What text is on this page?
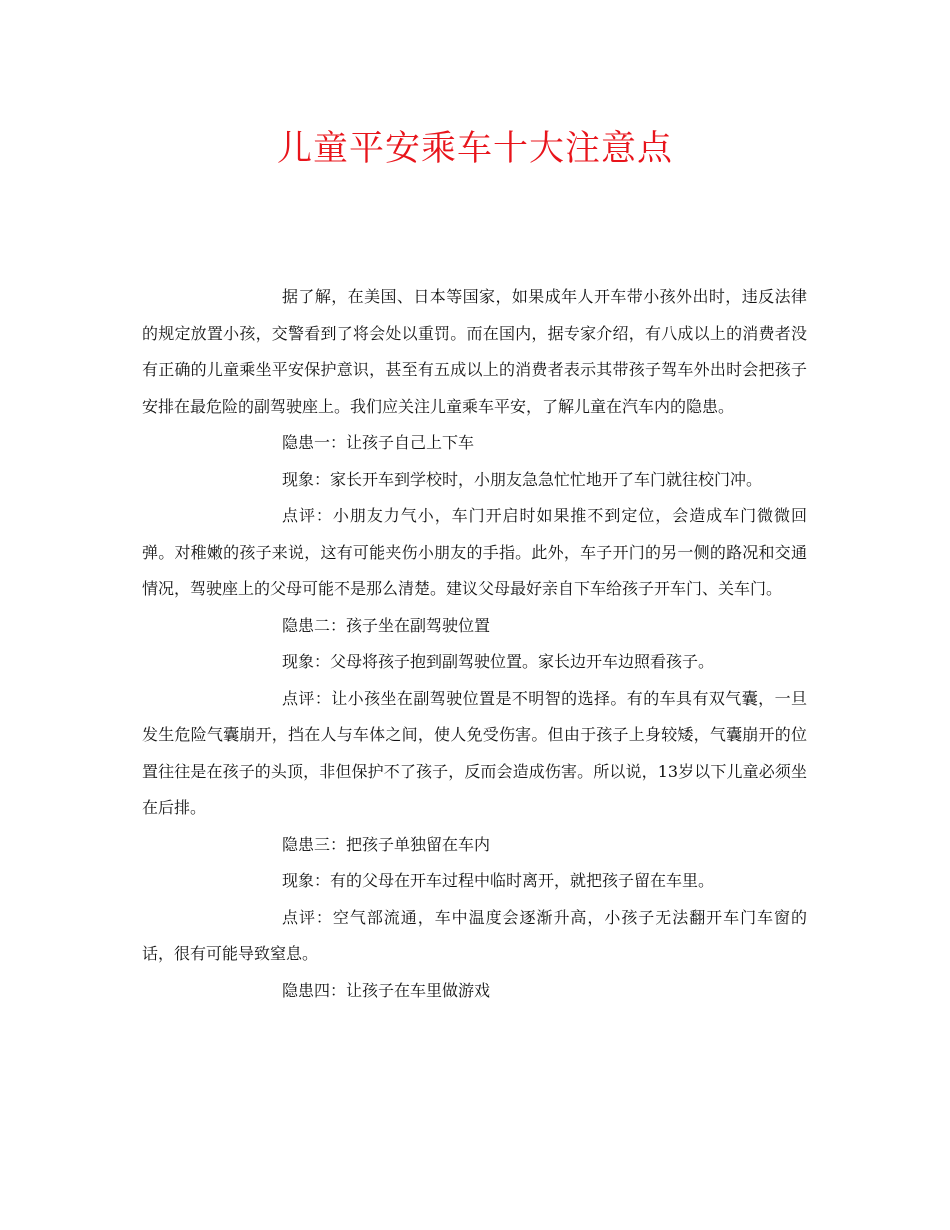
儿童平安乘车十大注意点

据了解，在美国、日本等国家，如果成年人开车带小孩外出时，违反法律的规定放置小孩，交警看到了将会处以重罚。而在国内，据专家介绍，有八成以上的消费者没有正确的儿童乘坐平安保护意识，甚至有五成以上的消费者表示其带孩子驾车外出时会把孩子安排在最危险的副驾驶座上。我们应关注儿童乘车平安，了解儿童在汽车内的隐患。

隐患一：让孩子自己上下车

现象：家长开车到学校时，小朋友急急忙忙地开了车门就往校门冲。

点评：小朋友力气小，车门开启时如果推不到定位，会造成车门微微回弹。对稚嫩的孩子来说，这有可能夹伤小朋友的手指。此外，车子开门的另一侧的路况和交通情况，驾驶座上的父母可能不是那么清楚。建议父母最好亲自下车给孩子开车门、关车门。

隐患二：孩子坐在副驾驶位置

现象：父母将孩子抱到副驾驶位置。家长边开车边照看孩子。

点评：让小孩坐在副驾驶位置是不明智的选择。有的车具有双气囊，一旦发生危险气囊崩开，挡在人与车体之间，使人免受伤害。但由于孩子上身较矮，气囊崩开的位置往往是在孩子的头顶，非但保护不了孩子，反而会造成伤害。所以说，13岁以下儿童必须坐在后排。

隐患三：把孩子单独留在车内

现象：有的父母在开车过程中临时离开，就把孩子留在车里。

点评：空气部流通，车中温度会逐渐升高，小孩子无法翻开车门车窗的话，很有可能导致窒息。

隐患四：让孩子在车里做游戏
